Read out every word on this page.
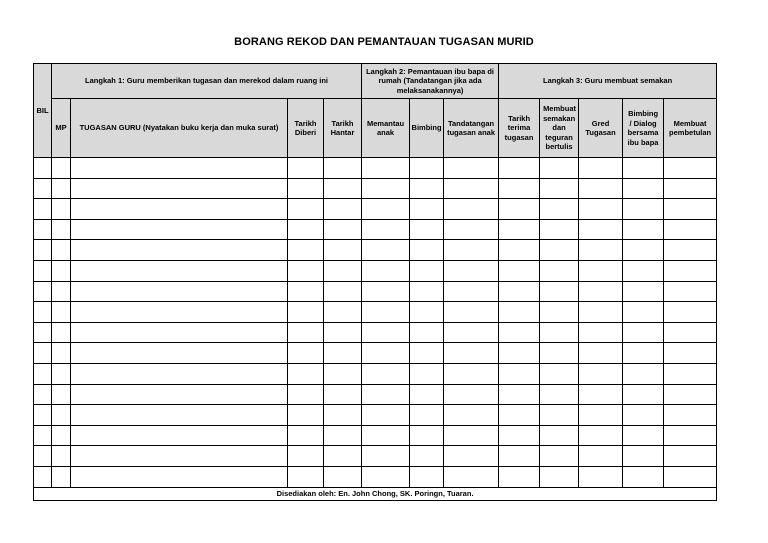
BORANG REKOD DAN PEMANTAUAN TUGASAN MURID
BIL	Langkah 1: Guru memberikan tugasan dan merekod dalam ruang ini				Langkah 2: Pemantauan ibu bapa di rumah (Tandatangan jika ada melaksanakannya)			Langkah 3: Guru membuat semakan				
	MP	TUGASAN GURU (Nyatakan buku kerja dan muka surat)	Tarikh Diberi	Tarikh Hantar	Memantau anak	Bimbing	Tandatangan tugasan anak	Tarikh terima tugasan	Membuat semakan dan teguran bertulis	Gred Tugasan	Bimbing / Dialog bersama ibu bapa	Membuat pembetulan

Disediakan oleh: En. John Chong, SK. Poringn, Tuaran.												
